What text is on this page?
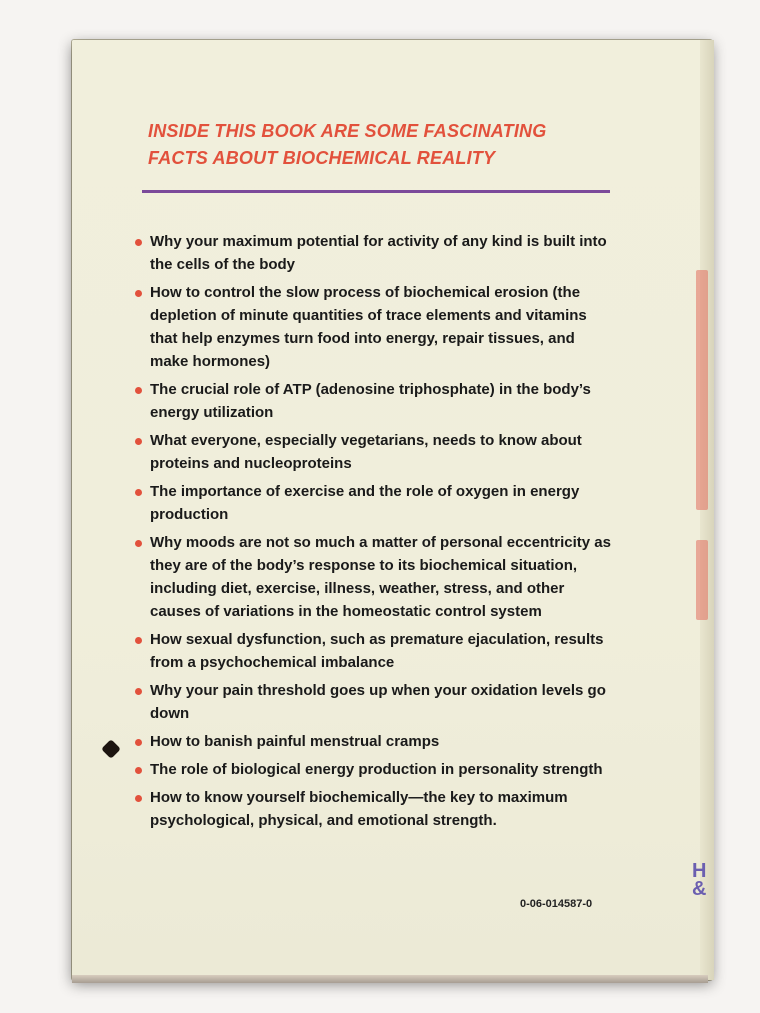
H
&
INSIDE THIS BOOK ARE SOME FASCINATING
FACTS ABOUT BIOCHEMICAL REALITY
Why your maximum potential for activity of any kind is built into the cells of the body
How to control the slow process of biochemical erosion (the depletion of minute quantities of trace elements and vitamins that help enzymes turn food into energy, repair tissues, and make hormones)
The crucial role of ATP (adenosine triphosphate) in the body’s energy utilization
What everyone, especially vegetarians, needs to know about proteins and nucleoproteins
The importance of exercise and the role of oxygen in energy production
Why moods are not so much a matter of personal eccentricity as they are of the body’s response to its biochemical situation, including diet, exercise, illness, weather, stress, and other causes of variations in the homeostatic control system
How sexual dysfunction, such as premature ejaculation, results from a psychochemical imbalance
Why your pain threshold goes up when your oxidation levels go down
How to banish painful menstrual cramps
The role of biological energy production in personality strength
How to know yourself biochemically—the key to maximum psychological, physical, and emotional strength.
0-06-014587-0
